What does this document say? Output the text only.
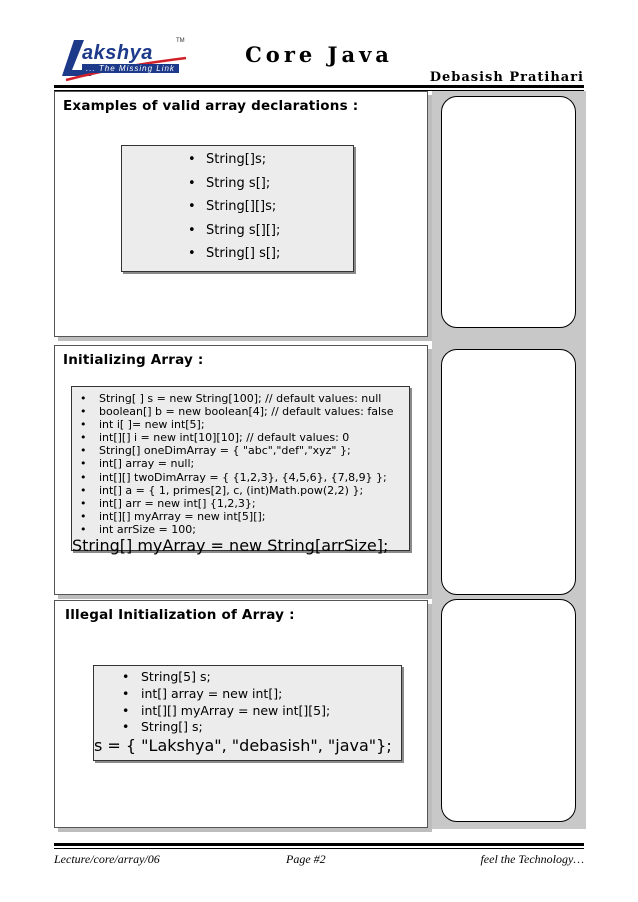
akshya
TM
... The Missing Link
Core Java
Debasish Pratihari
Examples of valid array declarations :
• String[]s;
• String s[];
• String[][]s;
• String s[][];
• String[] s[];
Initializing Array :
• String[ ] s = new String[100]; // default values: null
• boolean[] b = new boolean[4]; // default values: false
• int i[ ]= new int[5];
• int[][] i = new int[10][10]; // default values: 0
• String[] oneDimArray = { "abc","def","xyz" };
• int[] array = null;
• int[][] twoDimArray = { {1,2,3}, {4,5,6}, {7,8,9} };
• int[] a = { 1, primes[2], c, (int)Math.pow(2,2) };
• int[] arr = new int[] {1,2,3};
• int[][] myArray = new int[5][];
• int arrSize = 100;
String[] myArray = new String[arrSize];
Illegal Initialization of Array :
• String[5] s;
• int[] array = new int[];
• int[][] myArray = new int[][5];
• String[] s;
s = { "Lakshya", "debasish", "java"};
Lecture/core/array/06	Page #2	feel the Technology…
